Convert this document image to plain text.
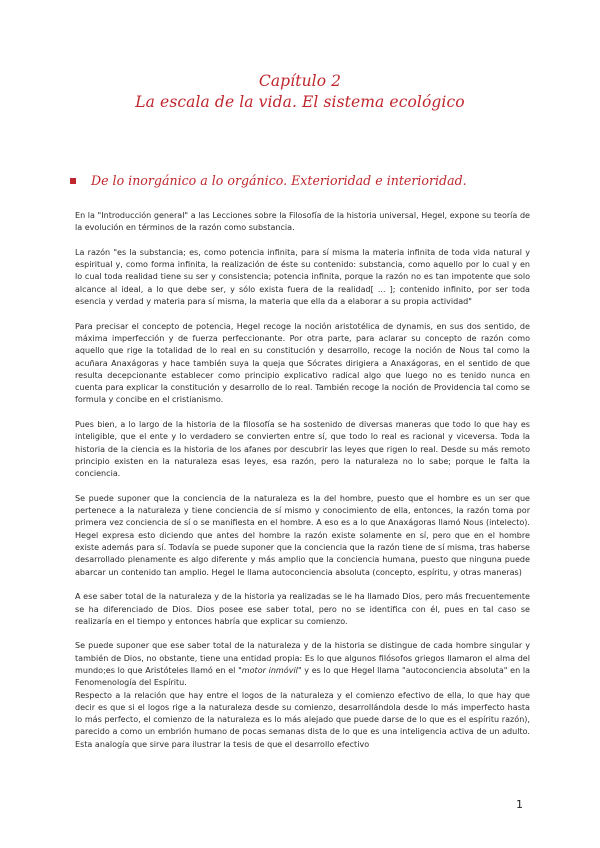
Capítulo 2
La escala de la vida. El sistema ecológico
De lo inorgánico a lo orgánico. Exterioridad e interioridad.

En la "Introducción general" a las Lecciones sobre la Filosofía de la historia universal, Hegel, expone su teoría de la evolución en términos de la razón como substancia.

La razón "es la substancia; es, como potencia infinita, para sí misma la materia infinita de toda vida natural y espiritual y, como forma infinita, la realización de éste su contenido: substancia, como aquello por lo cual y en lo cual toda realidad tiene su ser y consistencia; potencia infinita, porque la razón no es tan impotente que solo alcance al ideal, a lo que debe ser, y sólo exista fuera de la realidad[ ... ]; contenido infinito, por ser toda esencia y verdad y materia para sí misma, la materia que ella da a elaborar a su propia actividad"

Para precisar el concepto de potencia, Hegel recoge la noción aristotélica de dynamis, en sus dos sentido, de máxima imperfección y de fuerza perfeccionante. Por otra parte, para aclarar su concepto de razón como aquello que rige la totalidad de lo real en su constitución y desarrollo, recoge la noción de Nous tal como la acuñara Anaxágoras y hace también suya la queja que Sócrates dirigiera a Anaxágoras, en el sentido de que resulta decepcionante establecer como principio explicativo radical algo que luego no es tenido nunca en cuenta para explicar la constitución y desarrollo de lo real. También recoge la noción de Providencia tal como se formula y concibe en el cristianismo.

Pues bien, a lo largo de la historia de la filosofía se ha sostenido de diversas maneras que todo lo que hay es inteligible, que el ente y lo verdadero se convierten entre sí, que todo lo real es racional y viceversa. Toda la historia de la ciencia es la historia de los afanes por descubrir las leyes que rigen lo real. Desde su más remoto principio existen en la naturaleza esas leyes, esa razón, pero la naturaleza no lo sabe; porque le falta la conciencia.

Se puede suponer que la conciencia de la naturaleza es la del hombre, puesto que el hombre es un ser que pertenece a la naturaleza y tiene conciencia de sí mismo y conocimiento de ella, entonces, la razón toma por primera vez conciencia de sí o se manifiesta en el hombre. A eso es a lo que Anaxágoras llamó Nous (intelecto). Hegel expresa esto diciendo que antes del hombre la razón existe solamente en sí, pero que en el hombre existe además para sí. Todavía se puede suponer que la conciencia que la razón tiene de sí misma, tras haberse desarrollado plenamente es algo diferente y más amplio que la conciencia humana, puesto que ninguna puede abarcar un contenido tan amplio. Hegel le llama autoconciencia absoluta (concepto, espíritu, y otras maneras)

A ese saber total de la naturaleza y de la historia ya realizadas se le ha llamado Dios, pero más frecuentemente se ha diferenciado de Dios. Dios posee ese saber total, pero no se identifica con él, pues en tal caso se realizaría en el tiempo y entonces habría que explicar su comienzo.

Se puede suponer que ese saber total de la naturaleza y de la historia se distingue de cada hombre singular y también de Dios, no obstante, tiene una entidad propia: Es lo que algunos filósofos griegos llamaron el alma del mundo;es lo que Aristóteles llamó en el "motor inmóvil" y es lo que Hegel llama "autoconciencia absoluta" en la Fenomenología del Espíritu.

Respecto a la relación que hay entre el logos de la naturaleza y el comienzo efectivo de ella, lo que hay que decir es que si el logos rige a la naturaleza desde su comienzo, desarrollándola desde lo más imperfecto hasta lo más perfecto, el comienzo de la naturaleza es lo más alejado que puede darse de lo que es el espíritu razón), parecido a como un embrión humano de pocas semanas dista de lo que es una inteligencia activa de un adulto. Esta analogía que sirve para ilustrar la tesis de que el desarrollo efectivo

1
